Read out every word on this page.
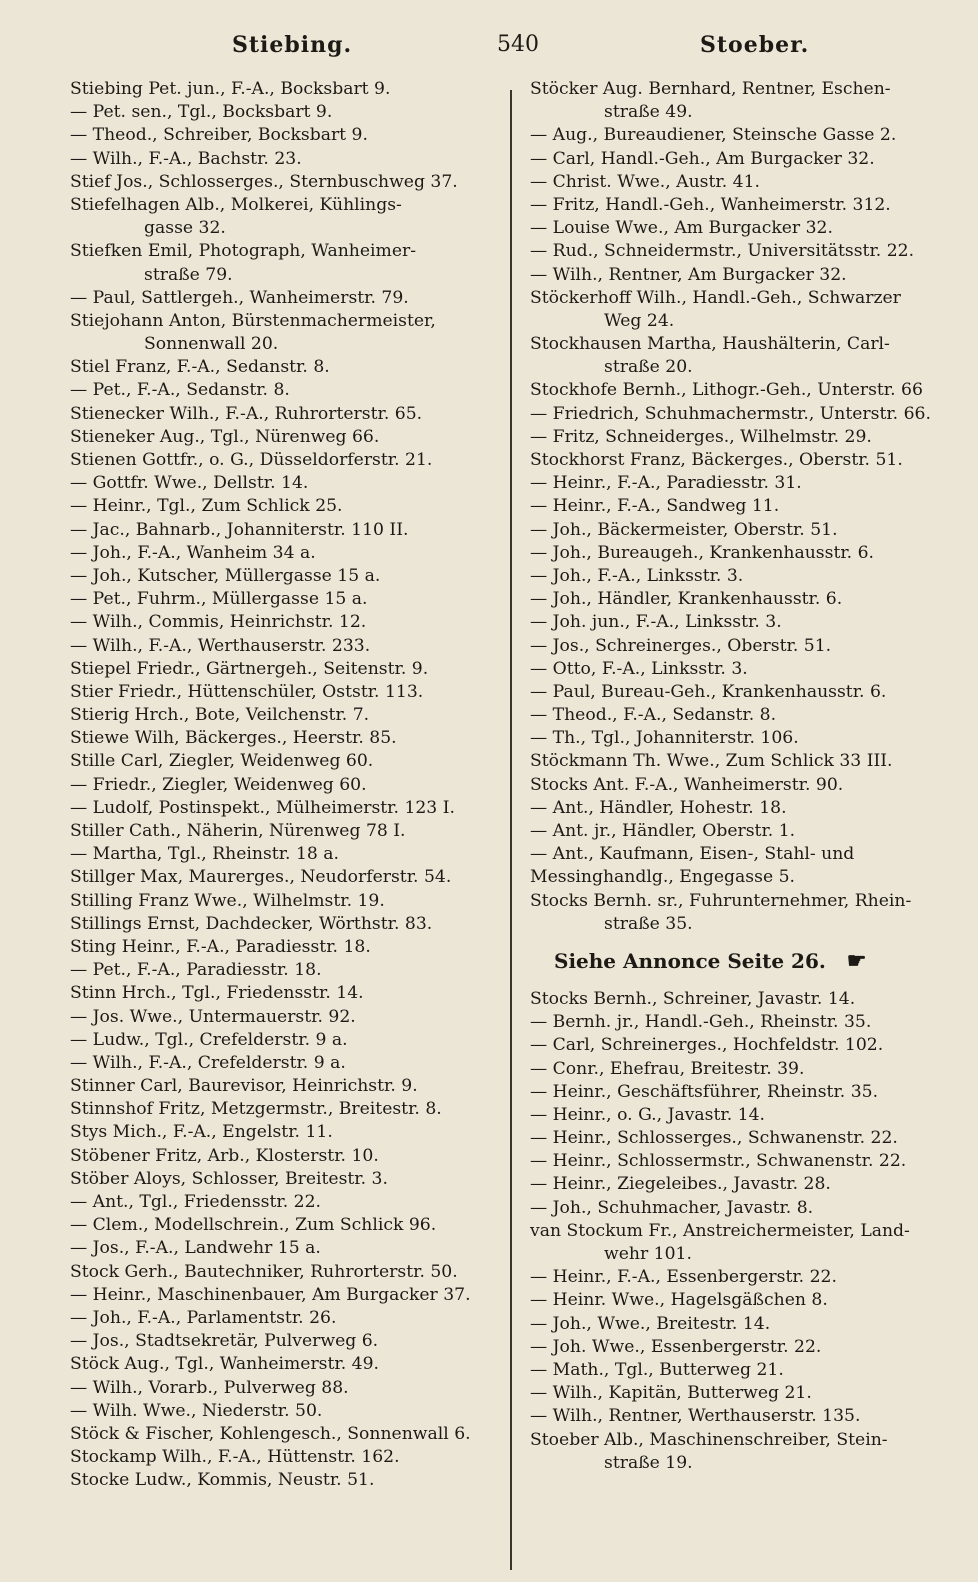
Stiebing.	540	Stoeber.
Stiebing Pet. jun., F.-A., Bocksbart 9.
— Pet. sen., Tgl., Bocksbart 9.
— Theod., Schreiber, Bocksbart 9.
— Wilh., F.-A., Bachstr. 23.
Stief Jos., Schlosserges., Sternbuschweg 37.
Stiefelhagen Alb., Molkerei, Kühlings-
gasse 32.
Stiefken Emil, Photograph, Wanheimer-
straße 79.
— Paul, Sattlergeh., Wanheimerstr. 79.
Stiejohann Anton, Bürstenmachermeister,
Sonnenwall 20.
Stiel Franz, F.-A., Sedanstr. 8.
— Pet., F.-A., Sedanstr. 8.
Stienecker Wilh., F.-A., Ruhrorterstr. 65.
Stieneker Aug., Tgl., Nürenweg 66.
Stienen Gottfr., o. G., Düsseldorferstr. 21.
— Gottfr. Wwe., Dellstr. 14.
— Heinr., Tgl., Zum Schlick 25.
— Jac., Bahnarb., Johanniterstr. 110 II.
— Joh., F.-A., Wanheim 34 a.
— Joh., Kutscher, Müllergasse 15 a.
— Pet., Fuhrm., Müllergasse 15 a.
— Wilh., Commis, Heinrichstr. 12.
— Wilh., F.-A., Werthauserstr. 233.
Stiepel Friedr., Gärtnergeh., Seitenstr. 9.
Stier Friedr., Hüttenschüler, Oststr. 113.
Stierig Hrch., Bote, Veilchenstr. 7.
Stiewe Wilh, Bäckerges., Heerstr. 85.
Stille Carl, Ziegler, Weidenweg 60.
— Friedr., Ziegler, Weidenweg 60.
— Ludolf, Postinspekt., Mülheimerstr. 123 I.
Stiller Cath., Näherin, Nürenweg 78 I.
— Martha, Tgl., Rheinstr. 18 a.
Stillger Max, Maurerges., Neudorferstr. 54.
Stilling Franz Wwe., Wilhelmstr. 19.
Stillings Ernst, Dachdecker, Wörthstr. 83.
Sting Heinr., F.-A., Paradiesstr. 18.
— Pet., F.-A., Paradiesstr. 18.
Stinn Hrch., Tgl., Friedensstr. 14.
— Jos. Wwe., Untermauerstr. 92.
— Ludw., Tgl., Crefelderstr. 9 a.
— Wilh., F.-A., Crefelderstr. 9 a.
Stinner Carl, Baurevisor, Heinrichstr. 9.
Stinnshof Fritz, Metzgermstr., Breitestr. 8.
Stys Mich., F.-A., Engelstr. 11.
Stöbener Fritz, Arb., Klosterstr. 10.
Stöber Aloys, Schlosser, Breitestr. 3.
— Ant., Tgl., Friedensstr. 22.
— Clem., Modellschrein., Zum Schlick 96.
— Jos., F.-A., Landwehr 15 a.
Stock Gerh., Bautechniker, Ruhrorterstr. 50.
— Heinr., Maschinenbauer, Am Burgacker 37.
— Joh., F.-A., Parlamentstr. 26.
— Jos., Stadtsekretär, Pulverweg 6.
Stöck Aug., Tgl., Wanheimerstr. 49.
— Wilh., Vorarb., Pulverweg 88.
— Wilh. Wwe., Niederstr. 50.
Stöck & Fischer, Kohlengesch., Sonnenwall 6.
Stockamp Wilh., F.-A., Hüttenstr. 162.
Stocke Ludw., Kommis, Neustr. 51.
Stöcker Aug. Bernhard, Rentner, Eschen-
straße 49.
— Aug., Bureaudiener, Steinsche Gasse 2.
— Carl, Handl.-Geh., Am Burgacker 32.
— Christ. Wwe., Austr. 41.
— Fritz, Handl.-Geh., Wanheimerstr. 312.
— Louise Wwe., Am Burgacker 32.
— Rud., Schneidermstr., Universitätsstr. 22.
— Wilh., Rentner, Am Burgacker 32.
Stöckerhoff Wilh., Handl.-Geh., Schwarzer
Weg 24.
Stockhausen Martha, Haushälterin, Carl-
straße 20.
Stockhofe Bernh., Lithogr.-Geh., Unterstr. 66
— Friedrich, Schuhmachermstr., Unterstr. 66.
— Fritz, Schneiderges., Wilhelmstr. 29.
Stockhorst Franz, Bäckerges., Oberstr. 51.
— Heinr., F.-A., Paradiesstr. 31.
— Heinr., F.-A., Sandweg 11.
— Joh., Bäckermeister, Oberstr. 51.
— Joh., Bureaugeh., Krankenhausstr. 6.
— Joh., F.-A., Linksstr. 3.
— Joh., Händler, Krankenhausstr. 6.
— Joh. jun., F.-A., Linksstr. 3.
— Jos., Schreinerges., Oberstr. 51.
— Otto, F.-A., Linksstr. 3.
— Paul, Bureau-Geh., Krankenhausstr. 6.
— Theod., F.-A., Sedanstr. 8.
— Th., Tgl., Johanniterstr. 106.
Stöckmann Th. Wwe., Zum Schlick 33 III.
Stocks Ant. F.-A., Wanheimerstr. 90.
— Ant., Händler, Hohestr. 18.
— Ant. jr., Händler, Oberstr. 1.
— Ant., Kaufmann, Eisen-, Stahl- und
Messinghandlg., Engegasse 5.
Stocks Bernh. sr., Fuhrunternehmer, Rhein-
straße 35.
Siehe Annonce Seite 26. ☛
Stocks Bernh., Schreiner, Javastr. 14.
— Bernh. jr., Handl.-Geh., Rheinstr. 35.
— Carl, Schreinerges., Hochfeldstr. 102.
— Conr., Ehefrau, Breitestr. 39.
— Heinr., Geschäftsführer, Rheinstr. 35.
— Heinr., o. G., Javastr. 14.
— Heinr., Schlosserges., Schwanenstr. 22.
— Heinr., Schlossermstr., Schwanenstr. 22.
— Heinr., Ziegeleibes., Javastr. 28.
— Joh., Schuhmacher, Javastr. 8.
van Stockum Fr., Anstreichermeister, Land-
wehr 101.
— Heinr., F.-A., Essenbergerstr. 22.
— Heinr. Wwe., Hagelsgäßchen 8.
— Joh., Wwe., Breitestr. 14.
— Joh. Wwe., Essenbergerstr. 22.
— Math., Tgl., Butterweg 21.
— Wilh., Kapitän, Butterweg 21.
— Wilh., Rentner, Werthauserstr. 135.
Stoeber Alb., Maschinenschreiber, Stein-
straße 19.
